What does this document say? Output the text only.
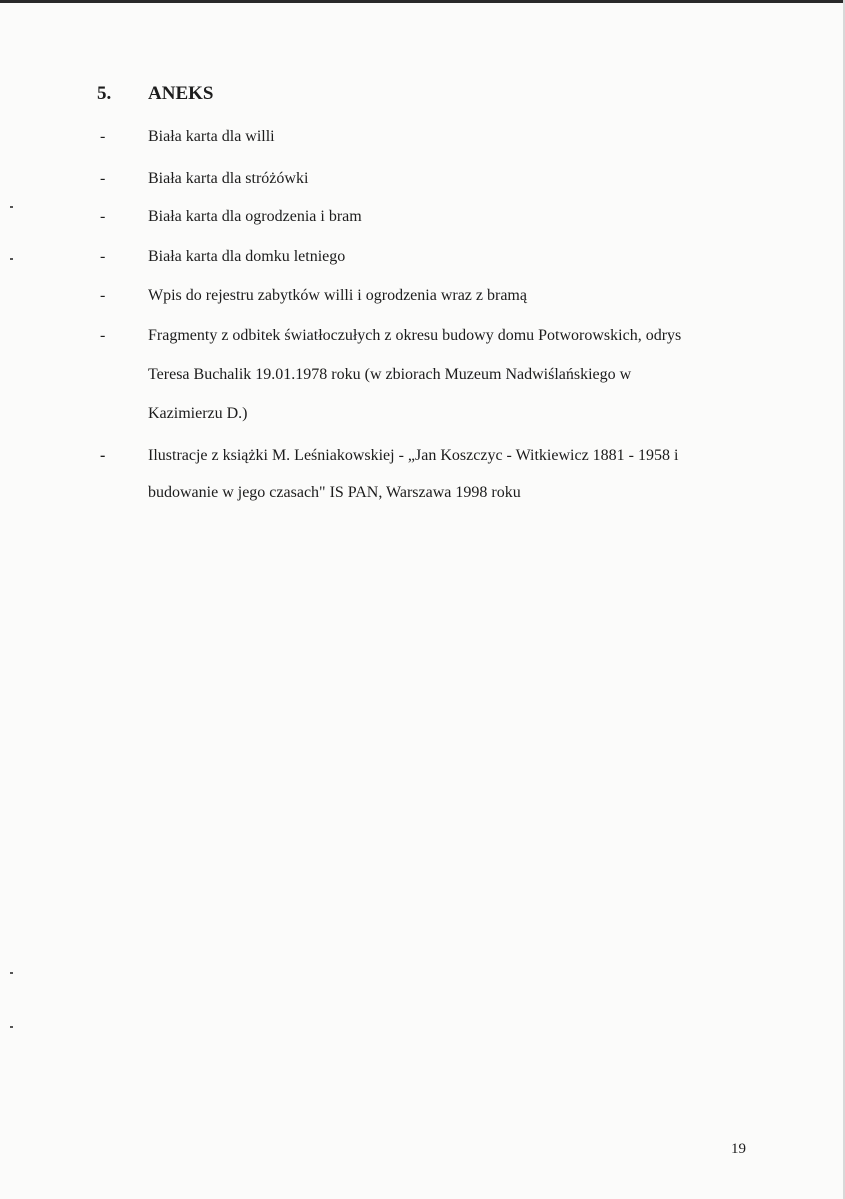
5. ANEKS
-	Biała karta dla willi
-	Biała karta dla stróżówki
-	Biała karta dla ogrodzenia i bram
-	Biała karta dla domku letniego
-	Wpis do rejestru zabytków willi i ogrodzenia wraz z bramą
-	Fragmenty z odbitek światłoczułych z okresu budowy domu Potworowskich, odrys
Teresa Buchalik 19.01.1978 roku (w zbiorach Muzeum Nadwiślańskiego w
Kazimierzu D.)
-	Ilustracje z książki M. Leśniakowskiej - „Jan Koszczyc - Witkiewicz 1881 - 1958 i
budowanie w jego czasach" IS PAN, Warszawa 1998 roku
19
